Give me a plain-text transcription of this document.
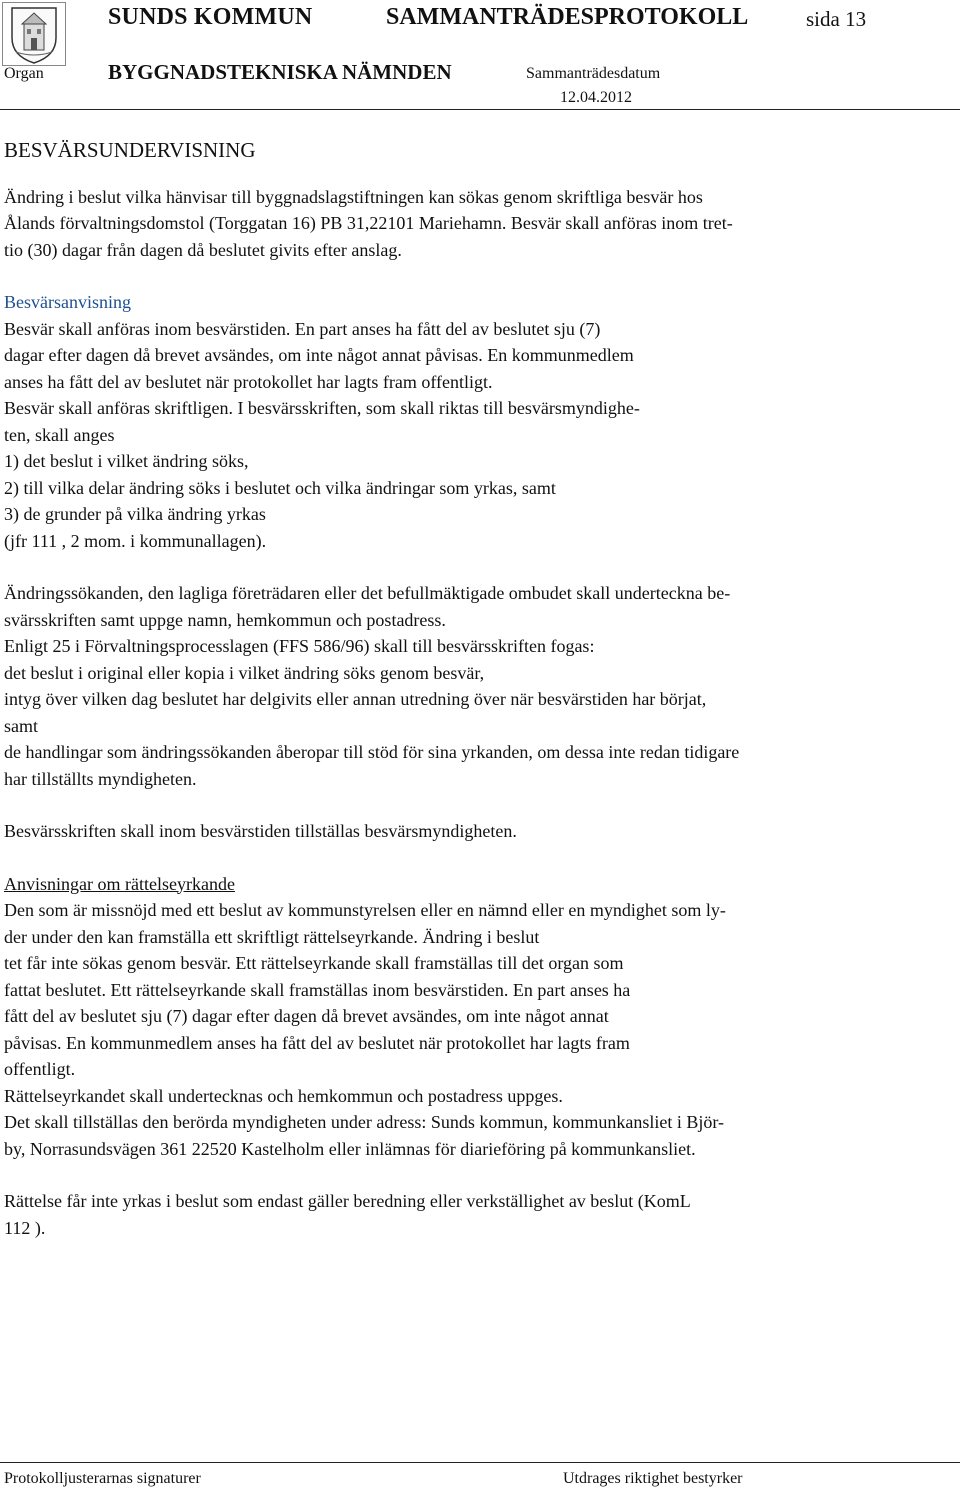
SUNDS KOMMUN	SAMMANTRÄDESPROTOKOLL	sida 13
Organ	BYGGNADSTEKNISKA NÄMNDEN	Sammanträdesdatum
12.04.2012

BESVÄRSUNDERVISNING

Ändring i beslut vilka hänvisar till byggnadslagstiftningen kan sökas genom skriftliga besvär hos

Ålands förvaltningsdomstol (Torggatan 16) PB 31,22101 Mariehamn. Besvär skall anföras inom tret-

tio (30) dagar från dagen då beslutet givits efter anslag.

Besvärsanvisning

Besvär skall anföras inom besvärstiden. En part anses ha fått del av beslutet sju (7)

dagar efter dagen då brevet avsändes, om inte något annat påvisas. En kommunmedlem

anses ha fått del av beslutet när protokollet har lagts fram offentligt.

Besvär skall anföras skriftligen. I besvärsskriften, som skall riktas till besvärsmyndighe-

ten, skall anges

1) det beslut i vilket ändring söks,

2) till vilka delar ändring söks i beslutet och vilka ändringar som yrkas, samt

3) de grunder på vilka ändring yrkas

(jfr 111 , 2 mom. i kommunallagen).

Ändringssökanden, den lagliga företrädaren eller det befullmäktigade ombudet skall underteckna be-

svärsskriften samt uppge namn, hemkommun och postadress.

Enligt 25 i Förvaltningsprocesslagen (FFS 586/96) skall till besvärsskriften fogas:

det beslut i original eller kopia i vilket ändring söks genom besvär,

intyg över vilken dag beslutet har delgivits eller annan utredning över när besvärstiden har börjat,

samt

de handlingar som ändringssökanden åberopar till stöd för sina yrkanden, om dessa inte redan tidigare

har tillställts myndigheten.

Besvärsskriften skall inom besvärstiden tillställas besvärsmyndigheten.

Anvisningar om rättelseyrkande

Den som är missnöjd med ett beslut av kommunstyrelsen eller en nämnd eller en myndighet som ly-

der under den kan framställa ett skriftligt rättelseyrkande. Ändring i beslut

tet får inte sökas genom besvär. Ett rättelseyrkande skall framställas till det organ som

fattat beslutet. Ett rättelseyrkande skall framställas inom besvärstiden. En part anses ha

fått del av beslutet sju (7) dagar efter dagen då brevet avsändes, om inte något annat

påvisas. En kommunmedlem anses ha fått del av beslutet när protokollet har lagts fram

offentligt.

Rättelseyrkandet skall undertecknas och hemkommun och postadress uppges.

Det skall tillställas den berörda myndigheten under adress: Sunds kommun, kommunkansliet i Björ-

by, Norrasundsvägen 361 22520 Kastelholm eller inlämnas för diarieföring på kommunkansliet.

Rättelse får inte yrkas i beslut som endast gäller beredning eller verkställighet av beslut (KomL

112 ).

Protokolljusterarnas signaturer	Utdrages riktighet bestyrker
